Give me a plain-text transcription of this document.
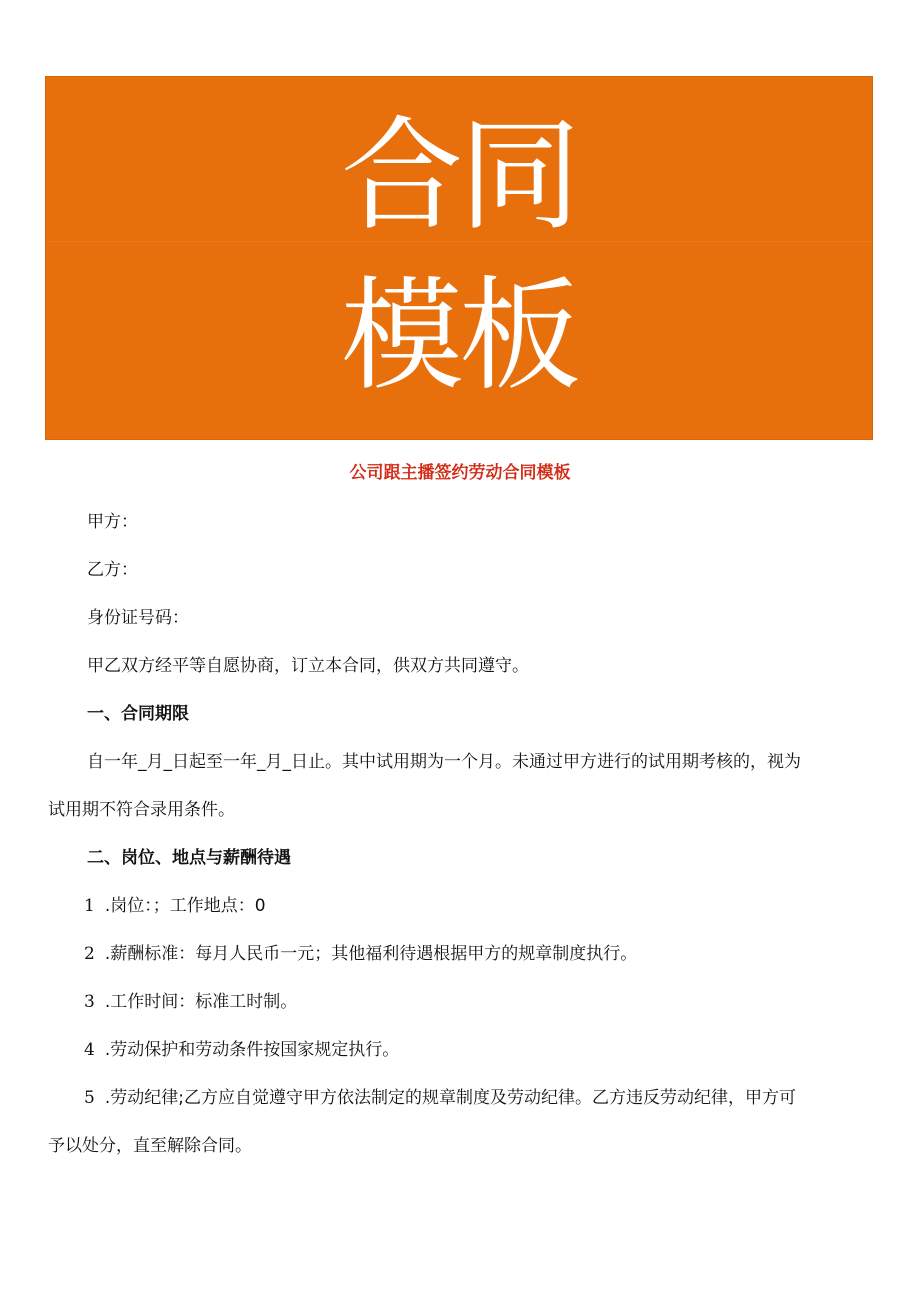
合同
模板
公司跟主播签约劳动合同模板
甲方：
乙方：
身份证号码：
甲乙双方经平等自愿协商，订立本合同，供双方共同遵守。
一、合同期限
自一年_月_日起至一年_月_日止。其中试用期为一个月。未通过甲方进行的试用期考核的，视为
试用期不符合录用条件。
二、岗位、地点与薪酬待遇
1 .岗位：；工作地点：0
2 .薪酬标准：每月人民币一元；其他福利待遇根据甲方的规章制度执行。
3 .工作时间：标准工时制。
4 .劳动保护和劳动条件按国家规定执行。
5 .劳动纪律;乙方应自觉遵守甲方依法制定的规章制度及劳动纪律。乙方违反劳动纪律，甲方可
予以处分，直至解除合同。
